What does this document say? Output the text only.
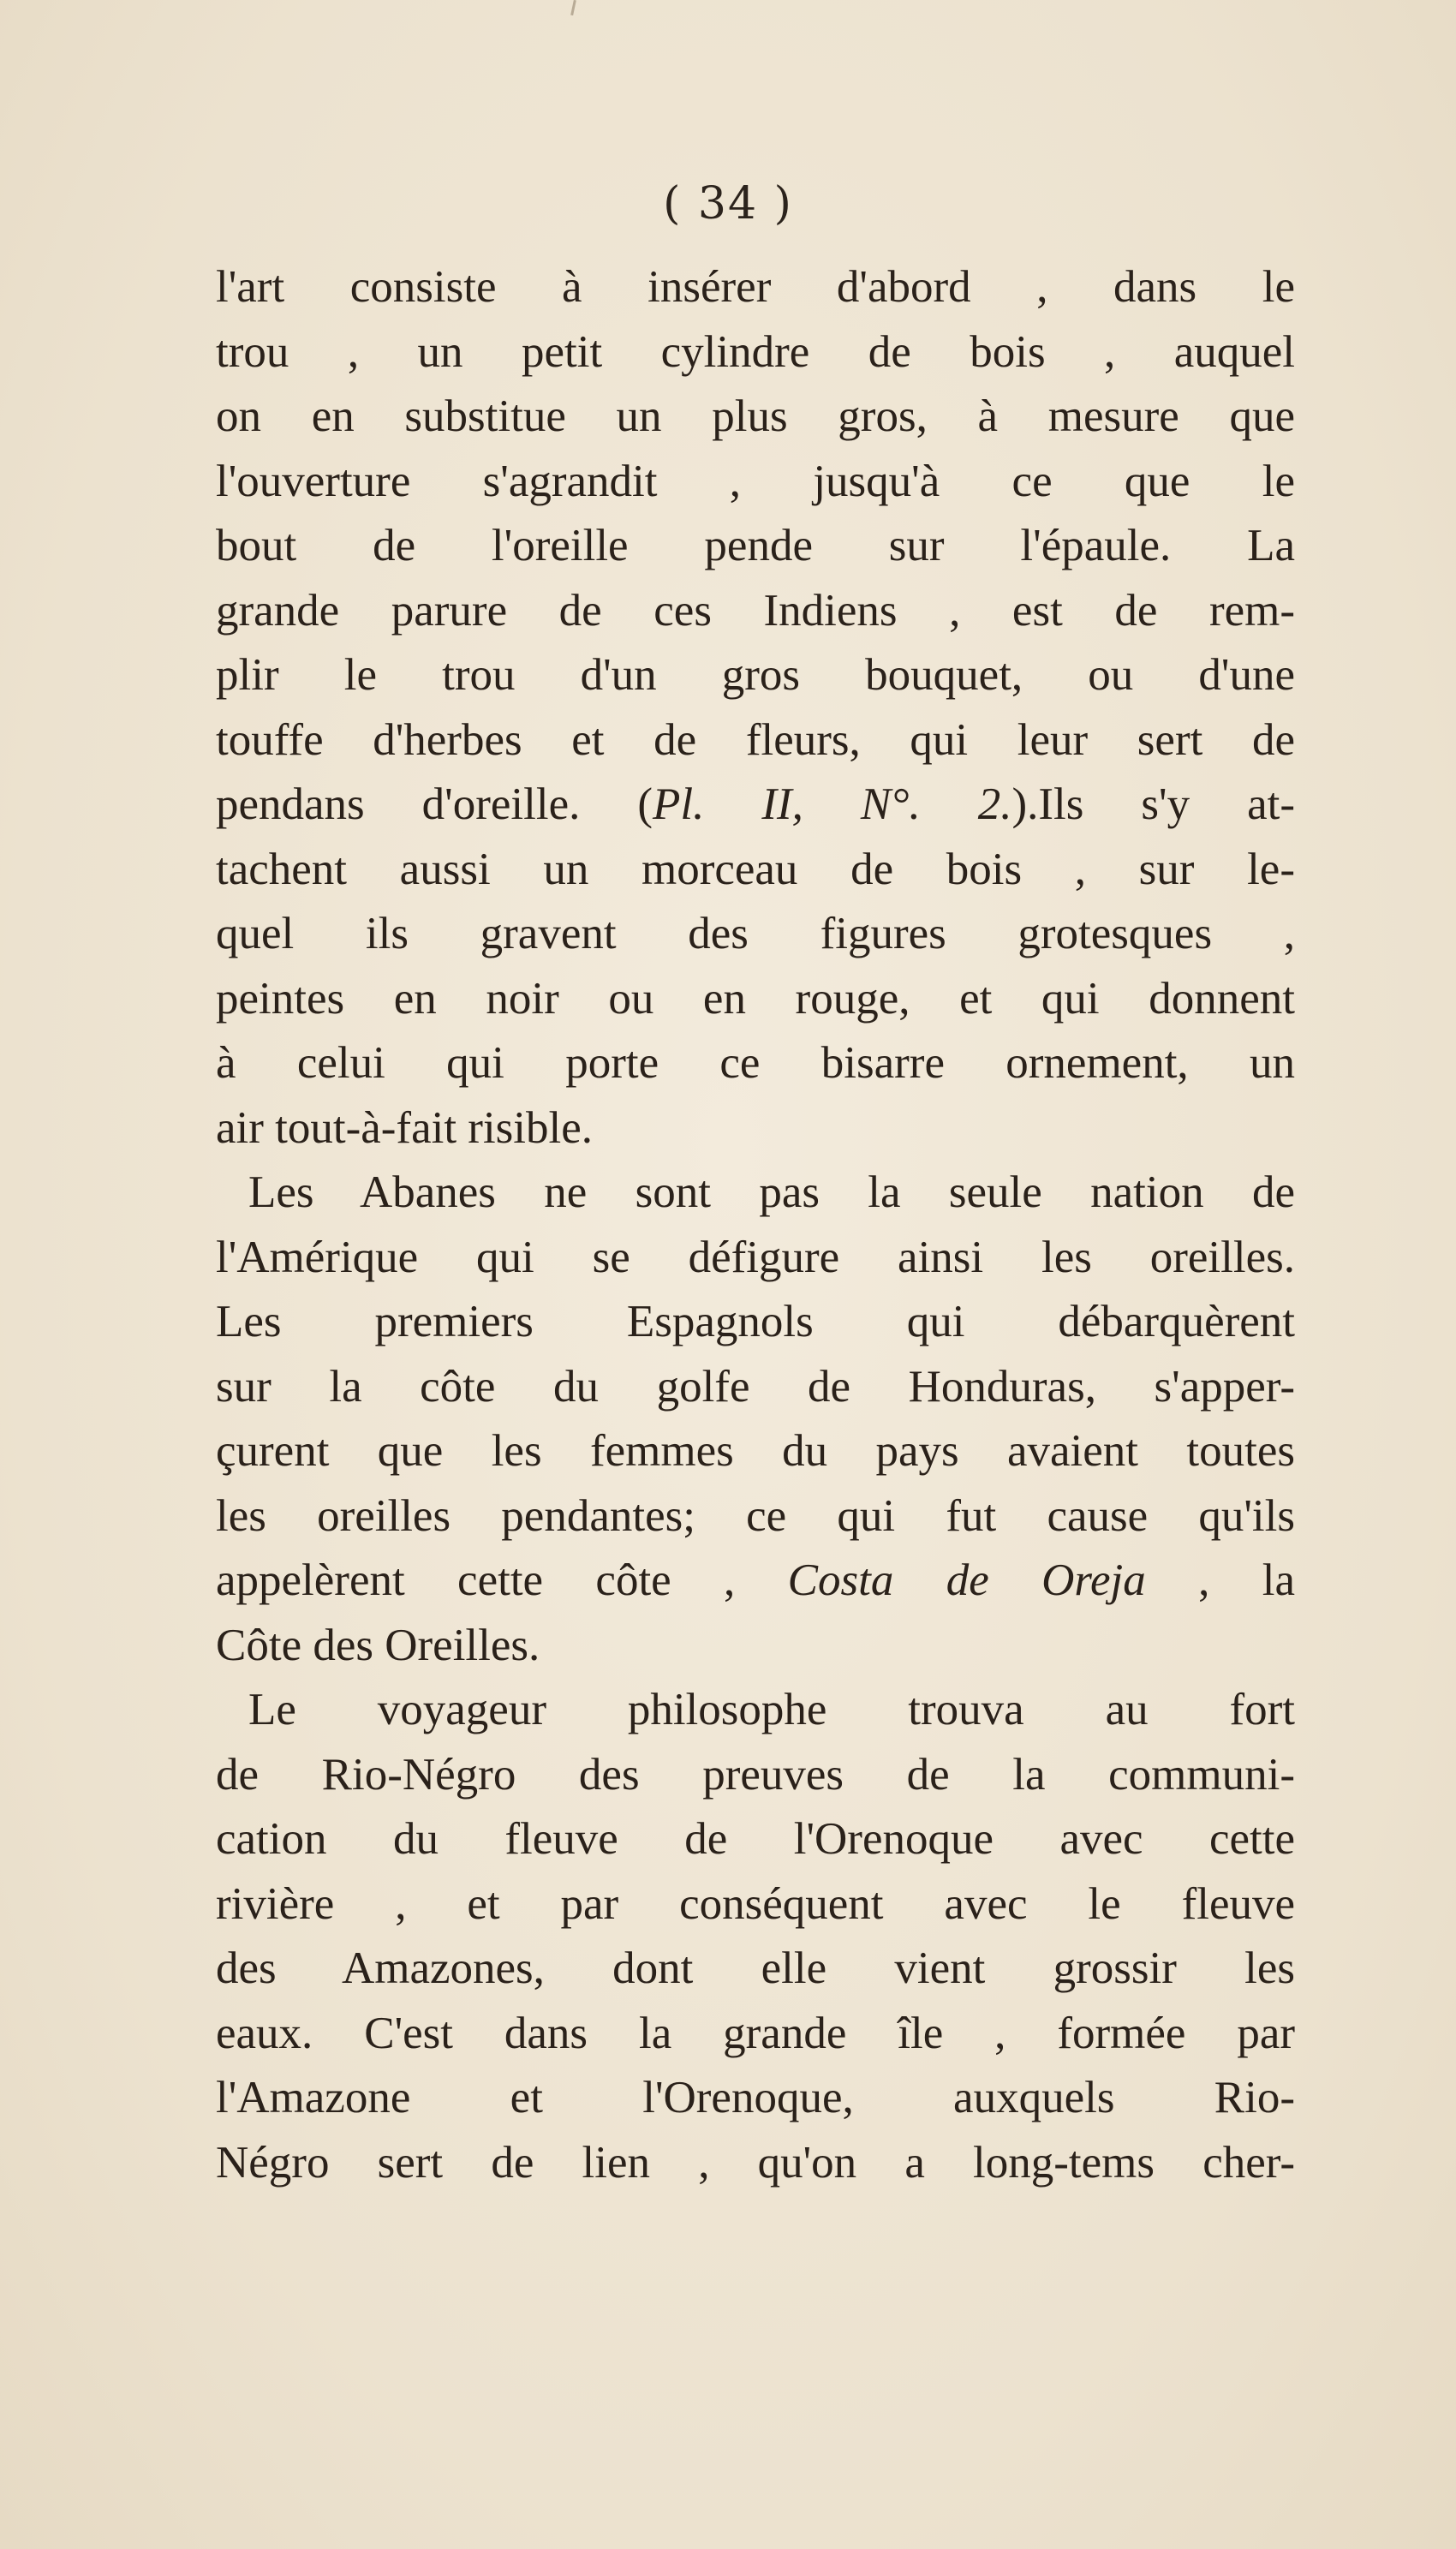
( 34 )
l'art consiste à insérer d'abord , dans le
trou , un petit cylindre de bois , auquel
on en substitue un plus gros, à mesure que
l'ouverture s'agrandit , jusqu'à ce que le
bout de l'oreille pende sur l'épaule. La
grande parure de ces Indiens , est de rem-
plir le trou d'un gros bouquet, ou d'une
touffe d'herbes et de fleurs, qui leur sert de
pendans d'oreille. (Pl. II, N°. 2.).Ils s'y at-
tachent aussi un morceau de bois , sur le-
quel ils gravent des figures grotesques ,
peintes en noir ou en rouge, et qui donnent
à celui qui porte ce bisarre ornement, un
air tout-à-fait risible.
Les Abanes ne sont pas la seule nation de
l'Amérique qui se défigure ainsi les oreilles.
Les premiers Espagnols qui débarquèrent
sur la côte du golfe de Honduras, s'apper-
çurent que les femmes du pays avaient toutes
les oreilles pendantes; ce qui fut cause qu'ils
appelèrent cette côte , Costa de Oreja , la
Côte des Oreilles.
Le voyageur philosophe trouva au fort
de Rio-Négro des preuves de la communi-
cation du fleuve de l'Orenoque avec cette
rivière , et par conséquent avec le fleuve
des Amazones, dont elle vient grossir les
eaux. C'est dans la grande île , formée par
l'Amazone et l'Orenoque, auxquels Rio-
Négro sert de lien , qu'on a long-tems cher-
